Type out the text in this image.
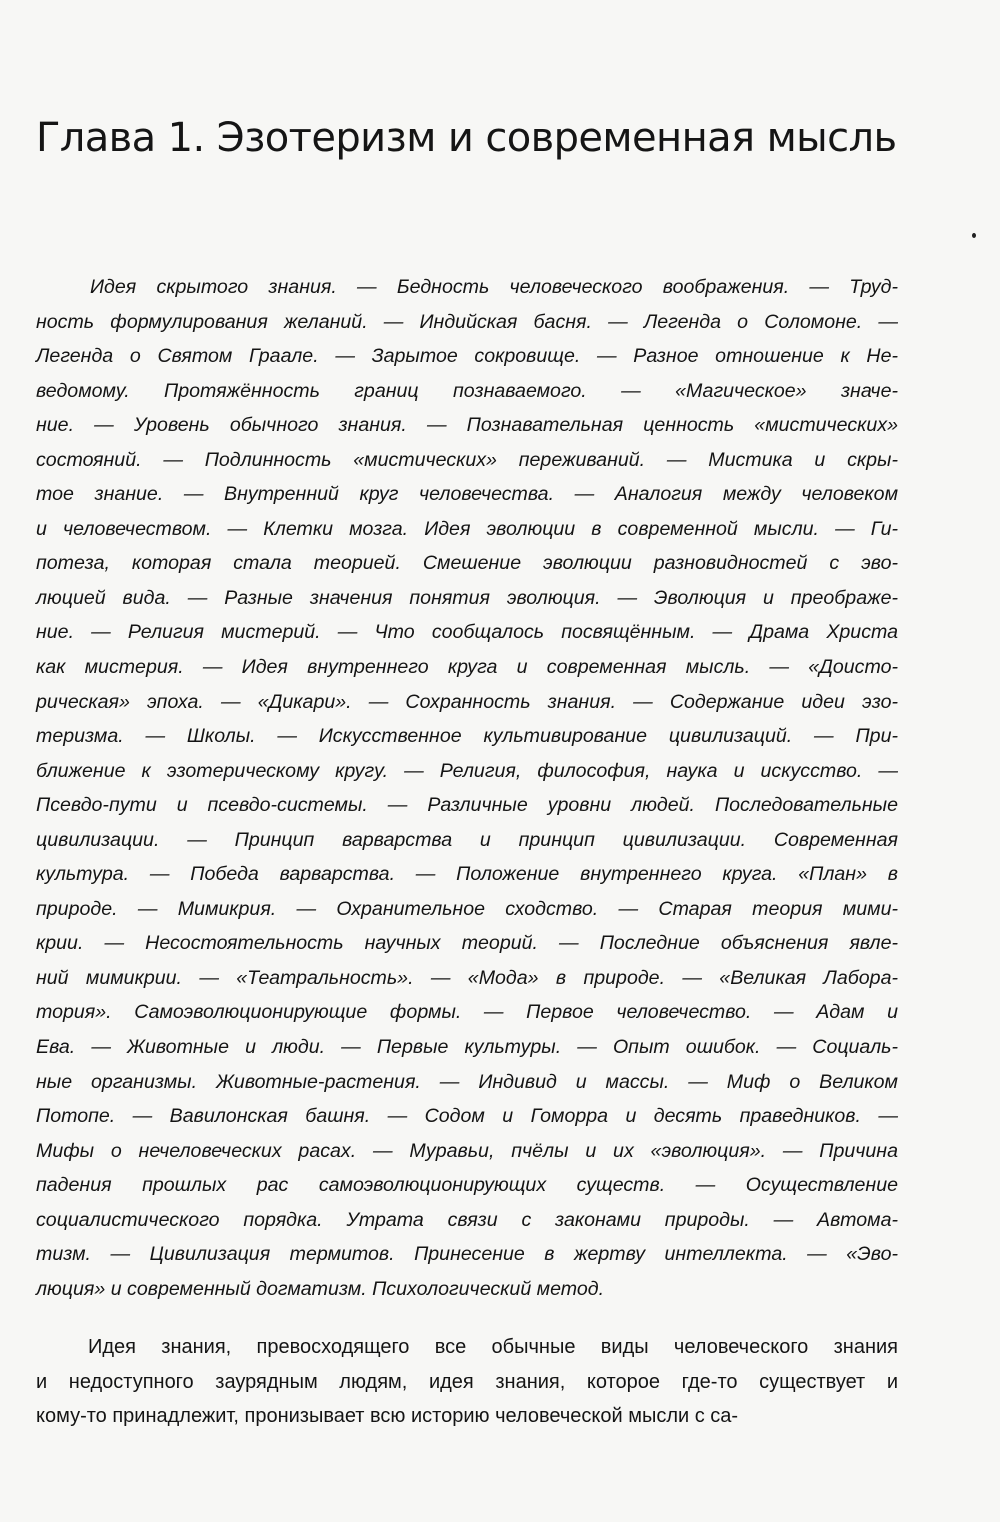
Глава 1. Эзотеризм и современная мысль
Идея скрытого знания. — Бедность человеческого воображения. — Труд-
ность формулирования желаний. — Индийская басня. — Легенда о Соломоне. —
Легенда о Святом Граале. — Зарытое сокровище. — Разное отношение к Не-
ведомому. Протяжённость границ познаваемого. — «Магическое» значе-
ние. — Уровень обычного знания. — Познавательная ценность «мистических»
состояний. — Подлинность «мистических» переживаний. — Мистика и скры-
тое знание. — Внутренний круг человечества. — Аналогия между человеком
и человечеством. — Клетки мозга. Идея эволюции в современной мысли. — Ги-
потеза, которая стала теорией. Смешение эволюции разновидностей с эво-
люцией вида. — Разные значения понятия эволюция. — Эволюция и преображе-
ние. — Религия мистерий. — Что сообщалось посвящённым. — Драма Христа
как мистерия. — Идея внутреннего круга и современная мысль. — «Доисто-
рическая» эпоха. — «Дикари». — Сохранность знания. — Содержание идеи эзо-
теризма. — Школы. — Искусственное культивирование цивилизаций. — При-
ближение к эзотерическому кругу. — Религия, философия, наука и искусство. —
Псевдо-пути и псевдо-системы. — Различные уровни людей. Последовательные
цивилизации. — Принцип варварства и принцип цивилизации. Современная
культура. — Победа варварства. — Положение внутреннего круга. «План» в
природе. — Мимикрия. — Охранительное сходство. — Старая теория мими-
крии. — Несостоятельность научных теорий. — Последние объяснения явле-
ний мимикрии. — «Театральность». — «Мода» в природе. — «Великая Лабора-
тория». Самоэволюционирующие формы. — Первое человечество. — Адам и
Ева. — Животные и люди. — Первые культуры. — Опыт ошибок. — Социаль-
ные организмы. Животные-растения. — Индивид и массы. — Миф о Великом
Потопе. — Вавилонская башня. — Содом и Гоморра и десять праведников. —
Мифы о нечеловеческих расах. — Муравьи, пчёлы и их «эволюция». — Причина
падения прошлых рас самоэволюционирующих существ. — Осуществление
социалистического порядка. Утрата связи с законами природы. — Автома-
тизм. — Цивилизация термитов. Принесение в жертву интеллекта. — «Эво-
люция» и современный догматизм. Психологический метод.
Идея знания, превосходящего все обычные виды человеческого знания
и недоступного заурядным людям, идея знания, которое где-то существует и
кому-то принадлежит, пронизывает всю историю человеческой мысли с са-
